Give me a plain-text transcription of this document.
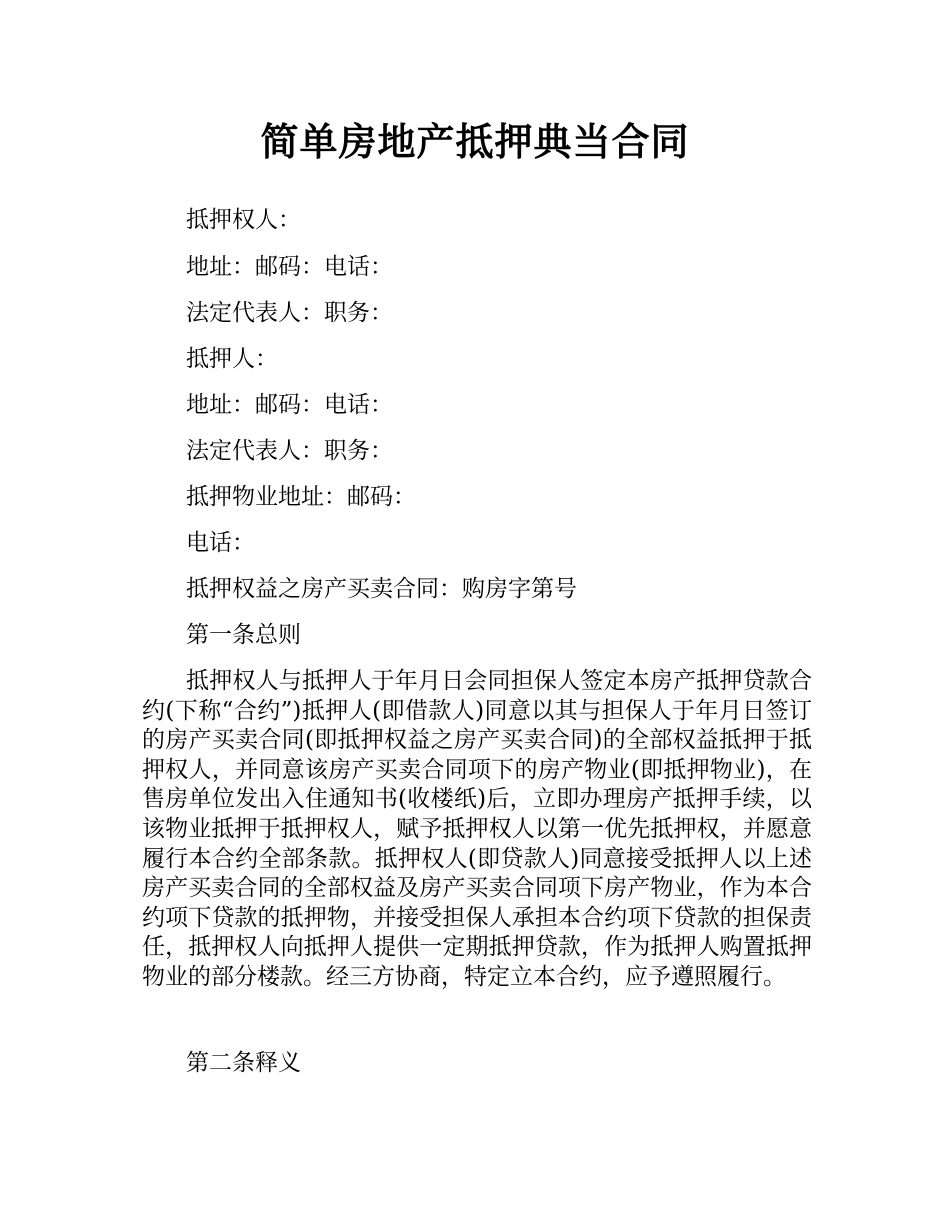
简单房地产抵押典当合同
抵押权人：
地址：邮码：电话：
法定代表人：职务：
抵押人：
地址：邮码：电话：
法定代表人：职务：
抵押物业地址：邮码：
电话：
抵押权益之房产买卖合同：购房字第号
第一条总则
抵押权人与抵押人于年月日会同担保人签定本房产抵押贷款合约(下称“合约”)抵押人(即借款人)同意以其与担保人于年月日签订的房产买卖合同(即抵押权益之房产买卖合同)的全部权益抵押于抵押权人，并同意该房产买卖合同项下的房产物业(即抵押物业)，在售房单位发出入住通知书(收楼纸)后，立即办理房产抵押手续，以该物业抵押于抵押权人，赋予抵押权人以第一优先抵押权，并愿意履行本合约全部条款。抵押权人(即贷款人)同意接受抵押人以上述房产买卖合同的全部权益及房产买卖合同项下房产物业，作为本合约项下贷款的抵押物，并接受担保人承担本合约项下贷款的担保责任，抵押权人向抵押人提供一定期抵押贷款，作为抵押人购置抵押物业的部分楼款。经三方协商，特定立本合约，应予遵照履行。
第二条释义
